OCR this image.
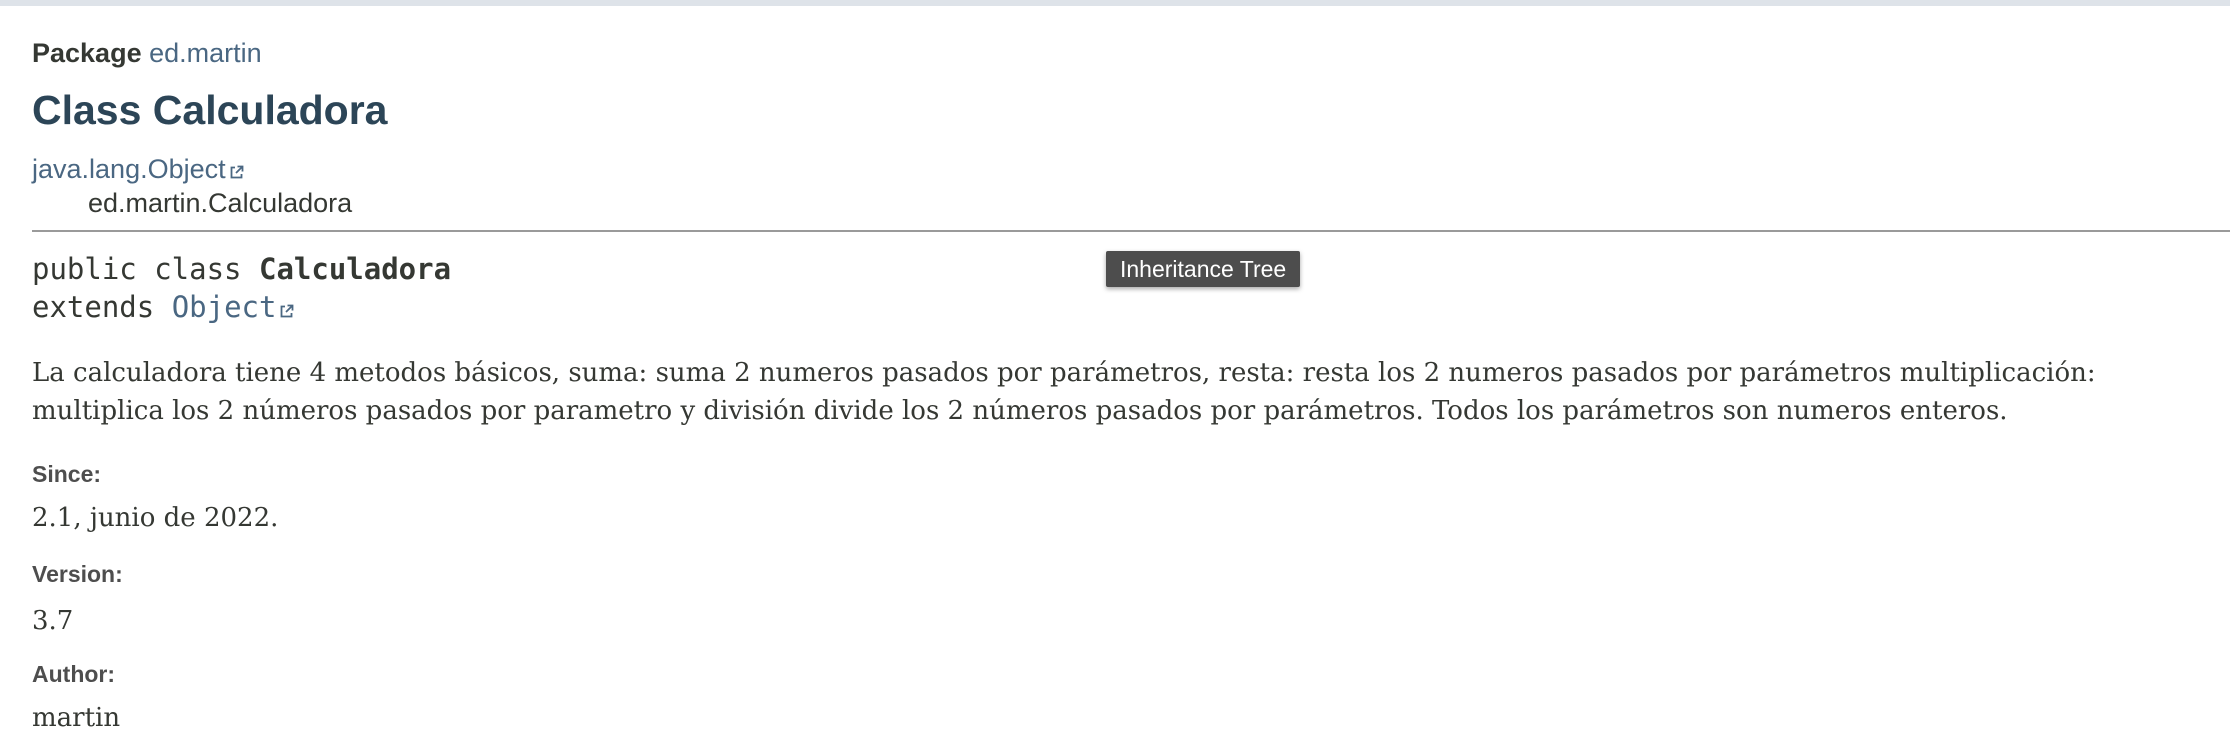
Package ed.martin
Class Calculadora
java.lang.Object
ed.martin.Calculadora
public class Calculadora
extends Object
Inheritance Tree
La calculadora tiene 4 metodos básicos, suma: suma 2 numeros pasados por parámetros, resta: resta los 2 numeros pasados por parámetros multiplicación: multiplica los 2 números pasados por parametro y división divide los 2 números pasados por parámetros. Todos los parámetros son numeros enteros.
Since:
2.1, junio de 2022.
Version:
3.7
Author:
martin
